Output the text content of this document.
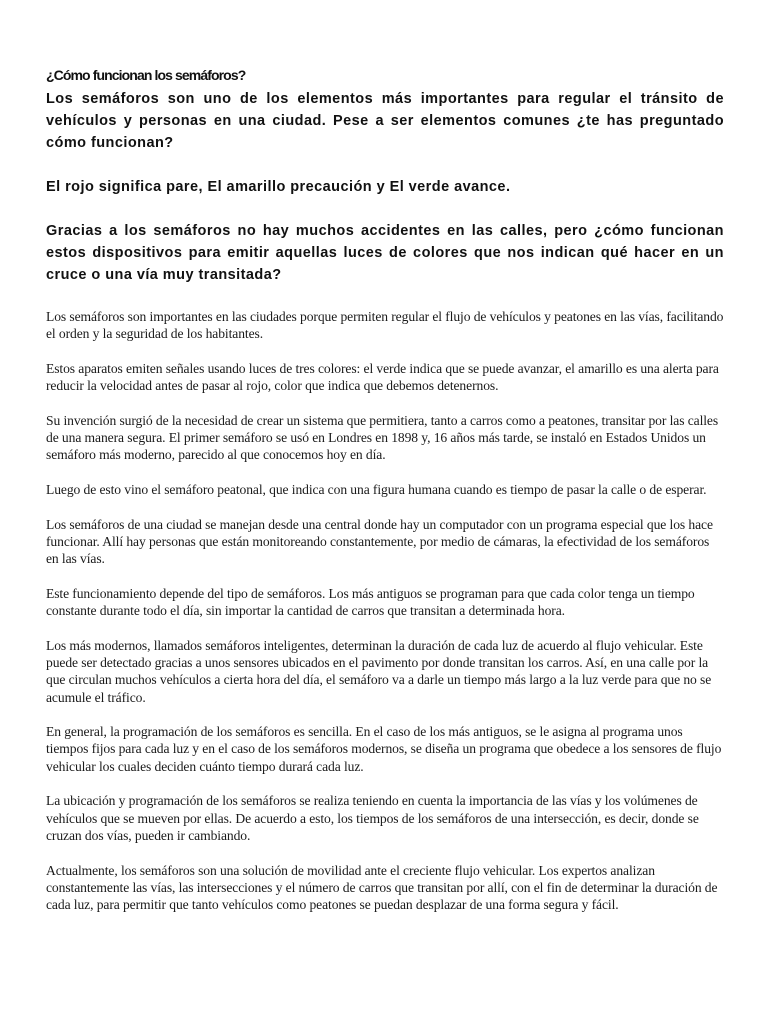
¿Cómo funcionan los semáforos?

Los semáforos son uno de los elementos más importantes para regular el tránsito de vehículos y personas en una ciudad. Pese a ser elementos comunes ¿te has preguntado cómo funcionan?

El rojo significa pare, El amarillo precaución y El verde avance.

Gracias a los semáforos no hay muchos accidentes en las calles, pero ¿cómo funcionan estos dispositivos para emitir aquellas luces de colores que nos indican qué hacer en un cruce o una vía muy transitada?

Los semáforos son importantes en las ciudades porque permiten regular el flujo de vehículos y peatones en las vías, facilitando el orden y la seguridad de los habitantes.

Estos aparatos emiten señales usando luces de tres colores: el verde indica que se puede avanzar, el amarillo es una alerta para reducir la velocidad antes de pasar al rojo, color que indica que debemos detenernos.

Su invención surgió de la necesidad de crear un sistema que permitiera, tanto a carros como a peatones, transitar por las calles de una manera segura. El primer semáforo se usó en Londres en 1898 y, 16 años más tarde, se instaló en Estados Unidos un semáforo más moderno, parecido al que conocemos hoy en día.

Luego de esto vino el semáforo peatonal, que indica con una figura humana cuando es tiempo de pasar la calle o de esperar.

Los semáforos de una ciudad se manejan desde una central donde hay un computador con un programa especial que los hace funcionar. Allí hay personas que están monitoreando constantemente, por medio de cámaras, la efectividad de los semáforos en las vías.

Este funcionamiento depende del tipo de semáforos. Los más antiguos se programan para que cada color tenga un tiempo constante durante todo el día, sin importar la cantidad de carros que transitan a determinada hora.

Los más modernos, llamados semáforos inteligentes, determinan la duración de cada luz de acuerdo al flujo vehicular. Este puede ser detectado gracias a unos sensores ubicados en el pavimento por donde transitan los carros. Así, en una calle por la que circulan muchos vehículos a cierta hora del día, el semáforo va a darle un tiempo más largo a la luz verde para que no se acumule el tráfico.

En general, la programación de los semáforos es sencilla. En el caso de los más antiguos, se le asigna al programa unos tiempos fijos para cada luz y en el caso de los semáforos modernos, se diseña un programa que obedece a los sensores de flujo vehicular los cuales deciden cuánto tiempo durará cada luz.

La ubicación y programación de los semáforos se realiza teniendo en cuenta la importancia de las vías y los volúmenes de vehículos que se mueven por ellas. De acuerdo a esto, los tiempos de los semáforos de una intersección, es decir, donde se cruzan dos vías, pueden ir cambiando.

Actualmente, los semáforos son una solución de movilidad ante el creciente flujo vehicular. Los expertos analizan constantemente las vías, las intersecciones y el número de carros que transitan por allí, con el fin de determinar la duración de cada luz, para permitir que tanto vehículos como peatones se puedan desplazar de una forma segura y fácil.
